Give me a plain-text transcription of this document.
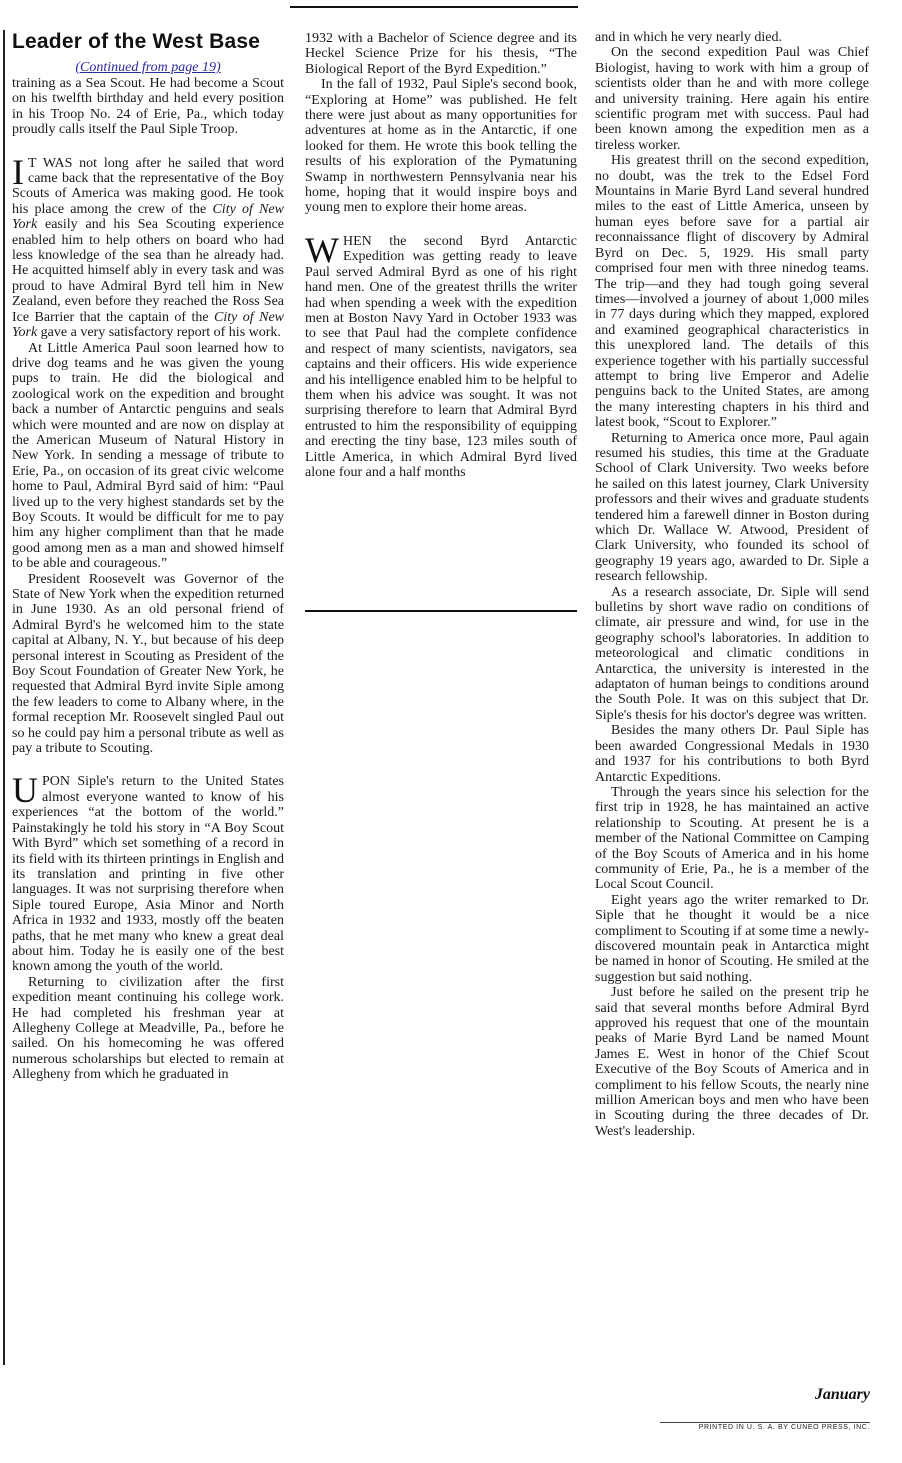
Leader of the West Base
(Continued from page 19)

training as a Sea Scout. He had become a Scout on his twelfth birthday and held every position in his Troop No. 24 of Erie, Pa., which today proudly calls itself the Paul Siple Troop.

I T WAS not long after he sailed that word came back that the representative of the Boy Scouts of America was making good. He took his place among the crew of the City of New York easily and his Sea Scouting experience enabled him to help others on board who had less knowledge of the sea than he already had. He acquitted himself ably in every task and was proud to have Admiral Byrd tell him in New Zealand, even before they reached the Ross Sea Ice Barrier that the captain of the City of New York gave a very satisfactory report of his work.

At Little America Paul soon learned how to drive dog teams and he was given the young pups to train. He did the biological and zoological work on the expedition and brought back a number of Antarctic penguins and seals which were mounted and are now on display at the American Museum of Natural History in New York. In sending a message of tribute to Erie, Pa., on occasion of its great civic welcome home to Paul, Admiral Byrd said of him: “Paul lived up to the very highest standards set by the Boy Scouts. It would be difficult for me to pay him any higher compliment than that he made good among men as a man and showed himself to be able and courageous.”

President Roosevelt was Governor of the State of New York when the expedition returned in June 1930. As an old personal friend of Admiral Byrd's he welcomed him to the state capital at Albany, N. Y., but because of his deep personal interest in Scouting as President of the Boy Scout Foundation of Greater New York, he requested that Admiral Byrd invite Siple among the few leaders to come to Albany where, in the formal reception Mr. Roosevelt singled Paul out so he could pay him a personal tribute as well as pay a tribute to Scouting.

UPON Siple's return to the United States almost everyone wanted to know of his experiences “at the bottom of the world.” Painstakingly he told his story in “A Boy Scout With Byrd” which set something of a record in its field with its thirteen printings in English and its translation and printing in five other languages. It was not surprising therefore when Siple toured Europe, Asia Minor and North Africa in 1932 and 1933, mostly off the beaten paths, that he met many who knew a great deal about him. Today he is easily one of the best known among the youth of the world.

Returning to civilization after the first expedition meant continuing his college work. He had completed his freshman year at Allegheny College at Meadville, Pa., before he sailed. On his homecoming he was offered numerous scholarships but elected to remain at Allegheny from which he graduated in

1932 with a Bachelor of Science degree and its Heckel Science Prize for his thesis, “The Biological Report of the Byrd Expedition.”

In the fall of 1932, Paul Siple's second book, “Exploring at Home” was published. He felt there were just about as many opportunities for adventures at home as in the Antarctic, if one looked for them. He wrote this book telling the results of his exploration of the Pymatuning Swamp in northwestern Pennsylvania near his home, hoping that it would inspire boys and young men to explore their home areas.

WHEN the second Byrd Antarctic Expedition was getting ready to leave Paul served Admiral Byrd as one of his right hand men. One of the greatest thrills the writer had when spending a week with the expedition men at Boston Navy Yard in October 1933 was to see that Paul had the complete confidence and respect of many scientists, navigators, sea captains and their officers. His wide experience and his intelligence enabled him to be helpful to them when his advice was sought. It was not surprising therefore to learn that Admiral Byrd entrusted to him the responsibility of equipping and erecting the tiny base, 123 miles south of Little America, in which Admiral Byrd lived alone four and a half months

and in which he very nearly died.

On the second expedition Paul was Chief Biologist, having to work with him a group of scientists older than he and with more college and university training. Here again his entire scientific program met with success. Paul had been known among the expedition men as a tireless worker.

His greatest thrill on the second expedition, no doubt, was the trek to the Edsel Ford Mountains in Marie Byrd Land several hundred miles to the east of Little America, unseen by human eyes before save for a partial air reconnaissance flight of discovery by Admiral Byrd on Dec. 5, 1929. His small party comprised four men with three ninedog teams. The trip—and they had tough going several times—involved a journey of about 1,000 miles in 77 days during which they mapped, explored and examined geographical characteristics in this unexplored land. The details of this experience together with his partially successful attempt to bring live Emperor and Adelie penguins back to the United States, are among the many interesting chapters in his third and latest book, “Scout to Explorer.”

Returning to America once more, Paul again resumed his studies, this time at the Graduate School of Clark University. Two weeks before he sailed on this latest journey, Clark University professors and their wives and graduate students tendered him a farewell dinner in Boston during which Dr. Wallace W. Atwood, President of Clark University, who founded its school of geography 19 years ago, awarded to Dr. Siple a research fellowship.

As a research associate, Dr. Siple will send bulletins by short wave radio on conditions of climate, air pressure and wind, for use in the geography school's laboratories. In addition to meteorological and climatic conditions in Antarctica, the university is interested in the adaptaton of human beings to conditions around the South Pole. It was on this subject that Dr. Siple's thesis for his doctor's degree was written.

Besides the many others Dr. Paul Siple has been awarded Congressional Medals in 1930 and 1937 for his contributions to both Byrd Antarctic Expeditions.

Through the years since his selection for the first trip in 1928, he has maintained an active relationship to Scouting. At present he is a member of the National Committee on Camping of the Boy Scouts of America and in his home community of Erie, Pa., he is a member of the Local Scout Council.

Eight years ago the writer remarked to Dr. Siple that he thought it would be a nice compliment to Scouting if at some time a newly-discovered mountain peak in Antarctica might be named in honor of Scouting. He smiled at the suggestion but said nothing.

Just before he sailed on the present trip he said that several months before Admiral Byrd approved his request that one of the mountain peaks of Marie Byrd Land be named Mount James E. West in honor of the Chief Scout Executive of the Boy Scouts of America and in compliment to his fellow Scouts, the nearly nine million American boys and men who have been in Scouting during the three decades of Dr. West's leadership.

January
PRINTED IN U. S. A. BY CUNEO PRESS, INC.
